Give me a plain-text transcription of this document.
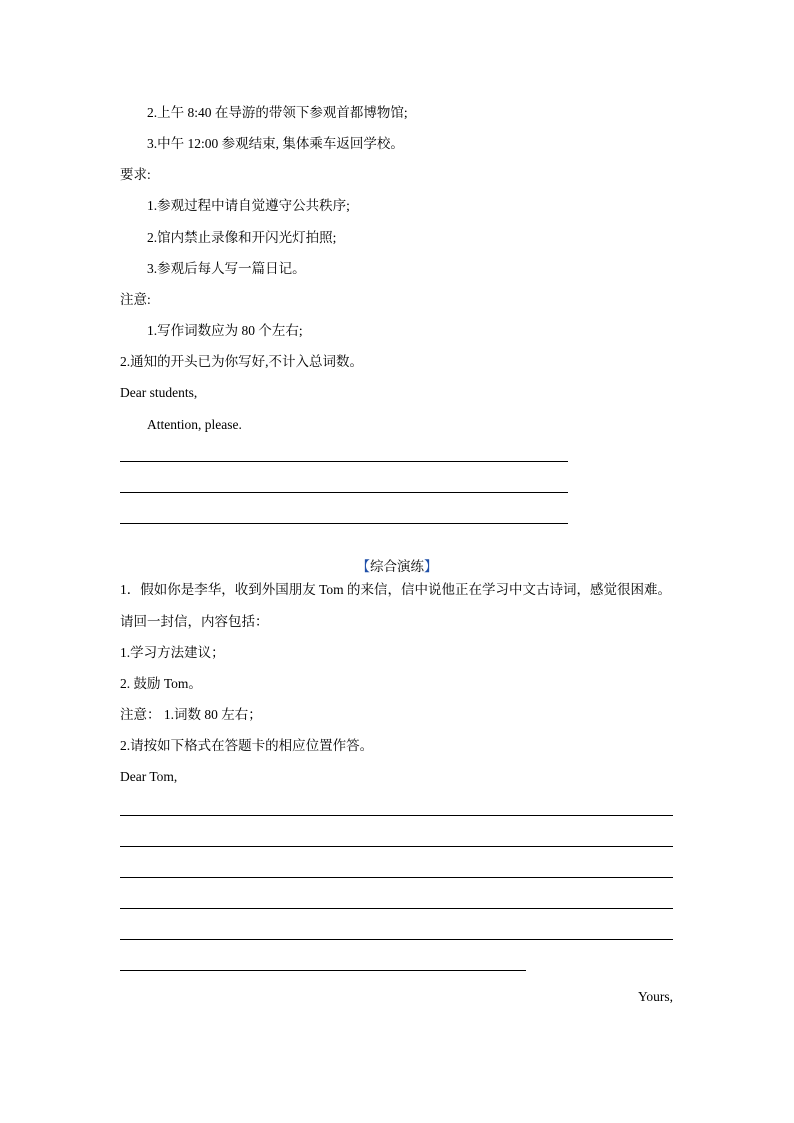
2.上午 8:40 在导游的带领下参观首都博物馆;
3.中午 12:00 参观结束, 集体乘车返回学校。
要求:
1.参观过程中请自觉遵守公共秩序;
2.馆内禁止录像和开闪光灯拍照;
3.参观后每人写一篇日记。
注意:
1.写作词数应为 80 个左右;
2.通知的开头已为你写好,不计入总词数。
Dear students,
Attention, please.
【综合演练】
1．假如你是李华，收到外国朋友 Tom 的来信，信中说他正在学习中文古诗词，感觉很困难。
请回一封信，内容包括：
1.学习方法建议；
2. 鼓励 Tom。
注意： 1.词数 80 左右；
2.请按如下格式在答题卡的相应位置作答。
Dear Tom,
Yours,
